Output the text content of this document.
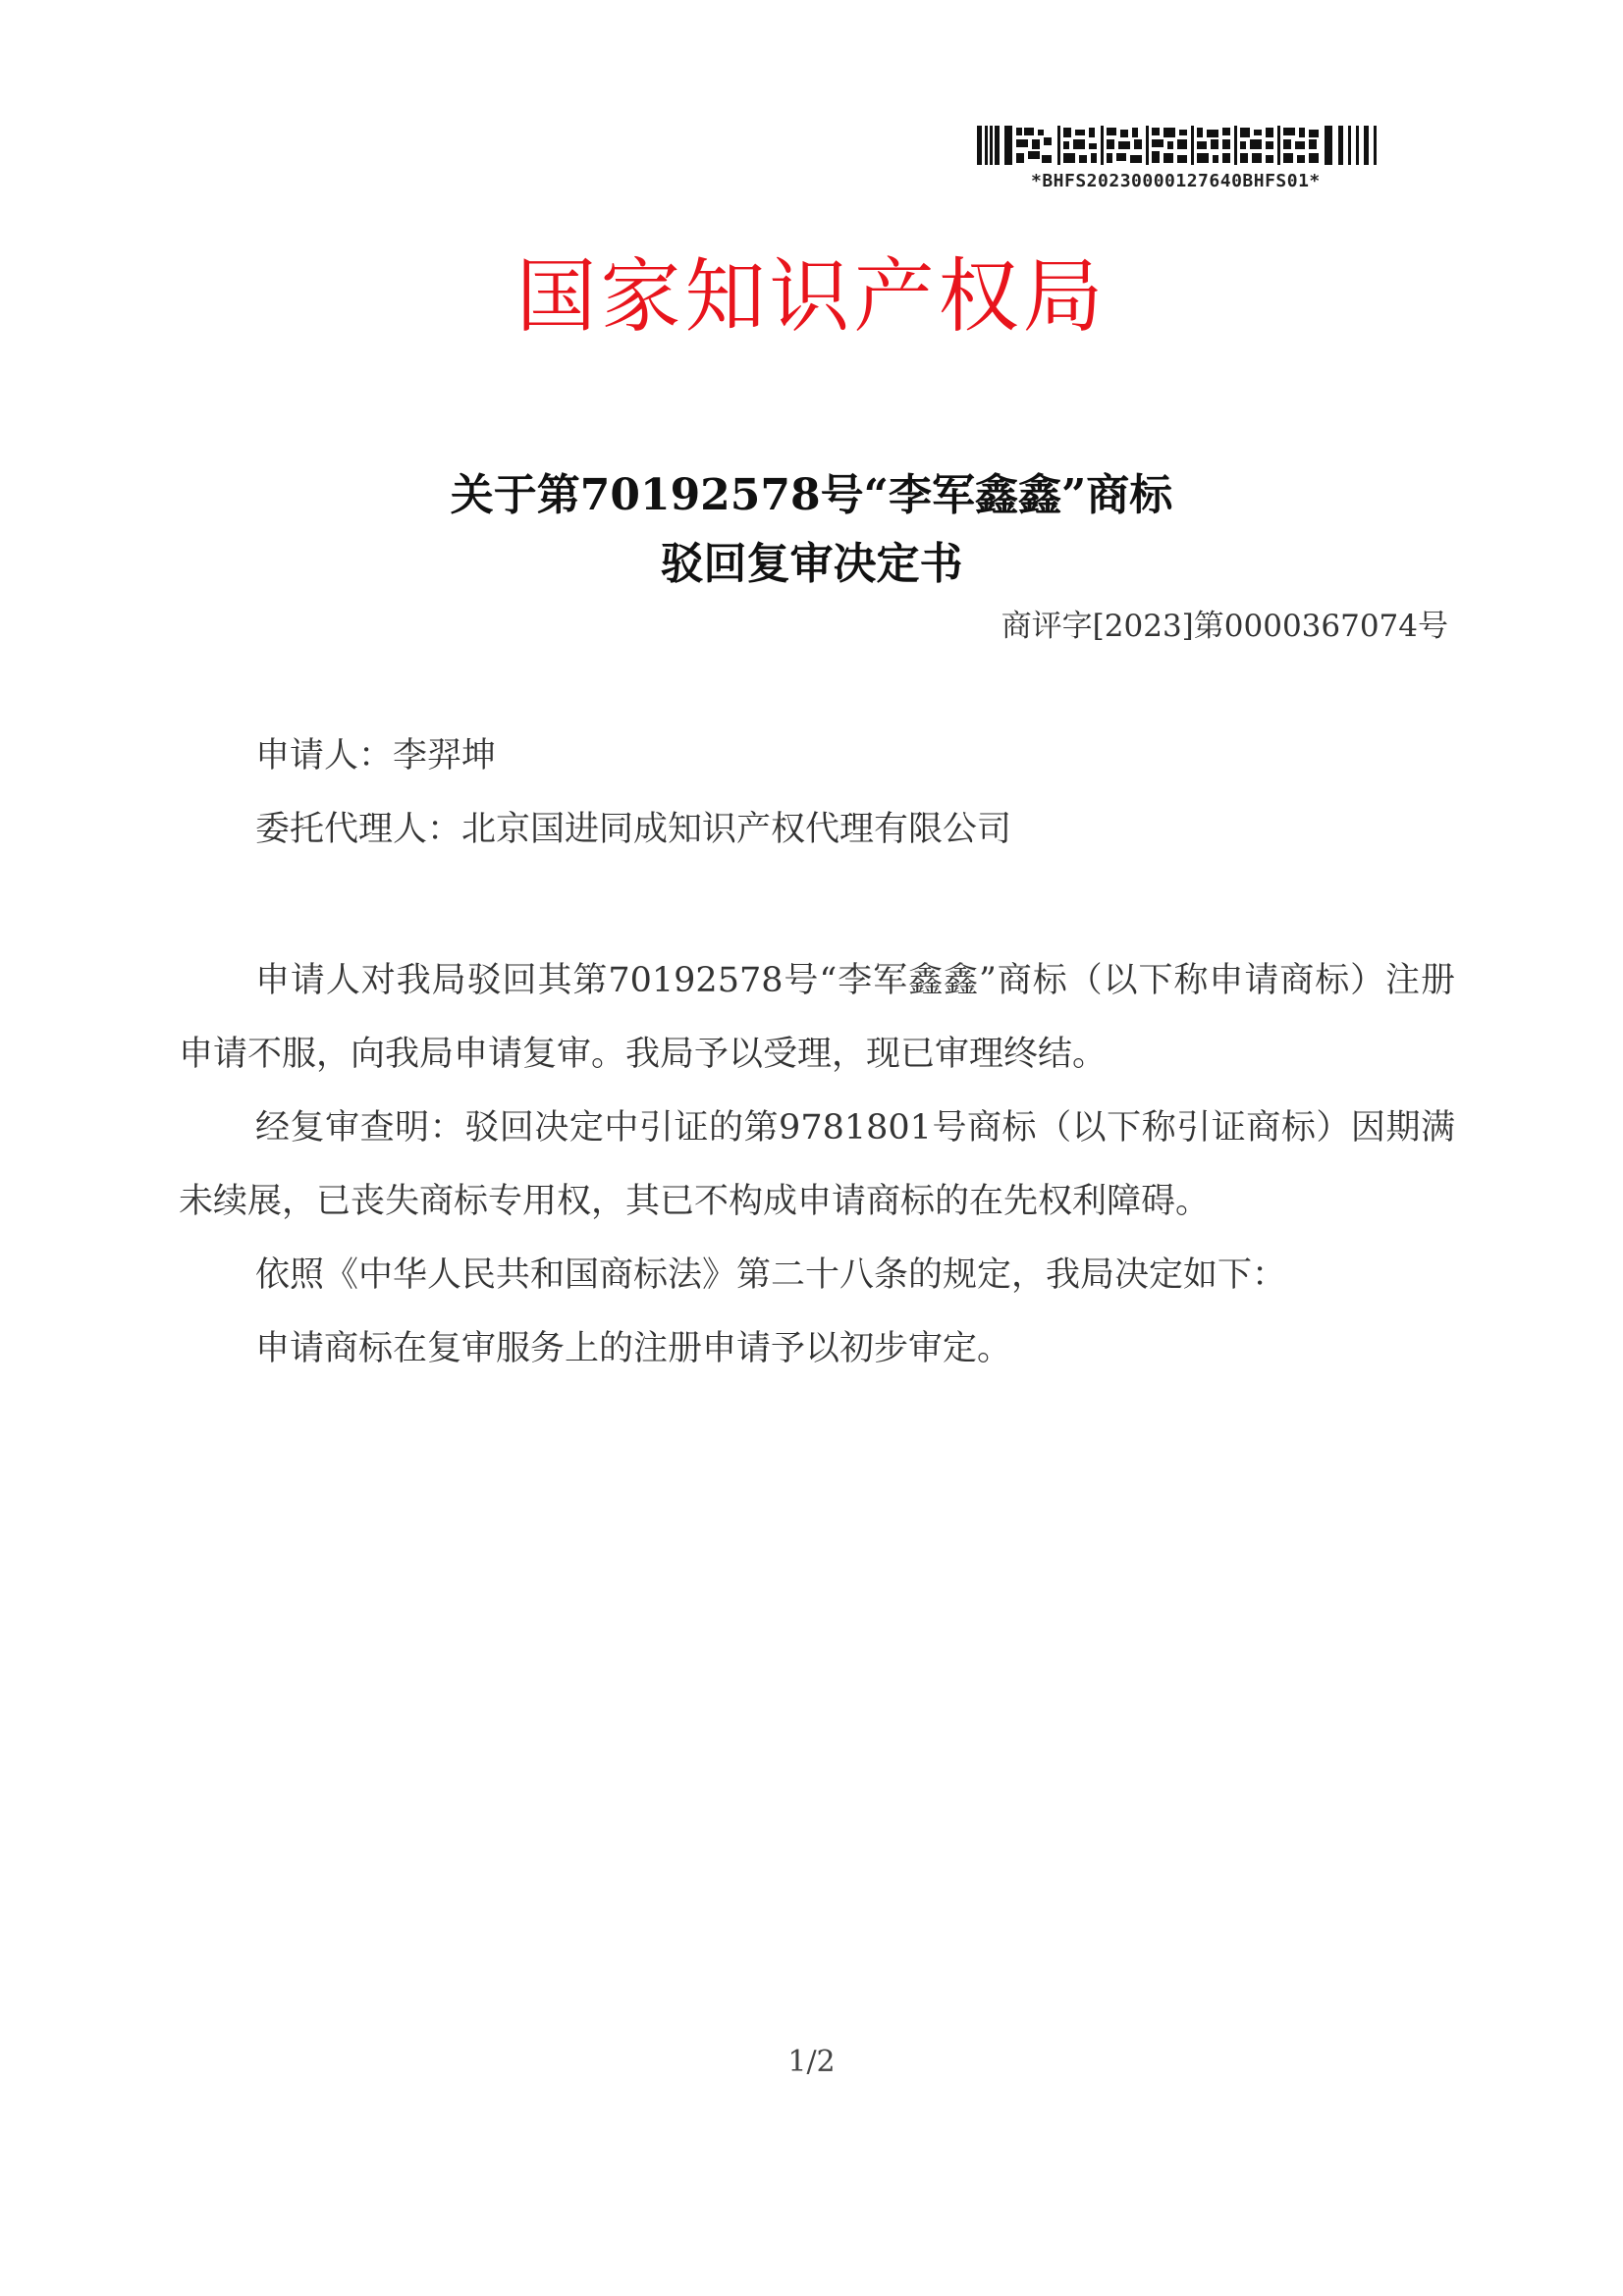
*BHFS20230000127640BHFS01*
国家知识产权局
关于第70192578号“李军鑫鑫”商标
驳回复审决定书
商评字[2023]第0000367074号
申请人：李羿坤
委托代理人：北京国进同成知识产权代理有限公司

申请人对我局驳回其第70192578号“李军鑫鑫”商标（以下称申请商标）注册申请不服，向我局申请复审。我局予以受理，现已审理终结。

经复审查明：驳回决定中引证的第9781801号商标（以下称引证商标）因期满未续展，已丧失商标专用权，其已不构成申请商标的在先权利障碍。

依照《中华人民共和国商标法》第二十八条的规定，我局决定如下：

申请商标在复审服务上的注册申请予以初步审定。

1/2
